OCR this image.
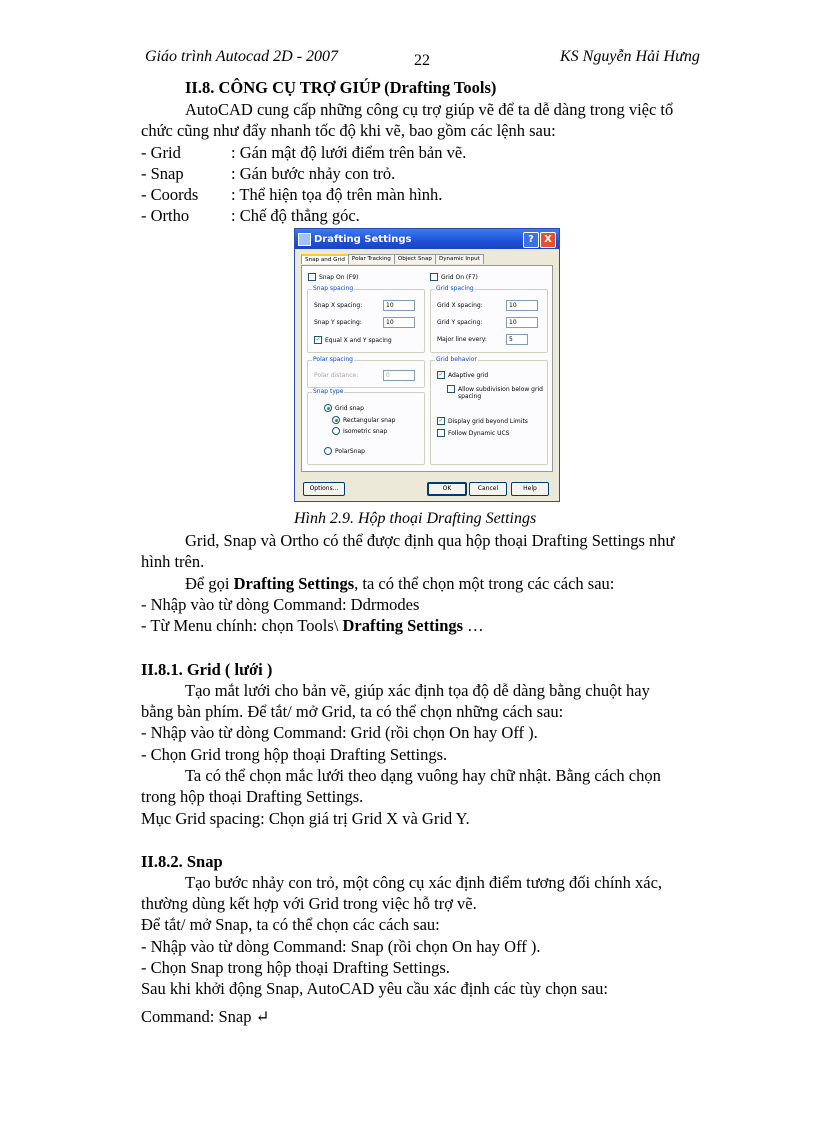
Giáo trình Autocad 2D - 2007	22	KS Nguyễn Hải Hưng
II.8. CÔNG CỤ TRỢ GIÚP (Drafting Tools)
AutoCAD cung cấp những công cụ trợ giúp vẽ để ta dễ dàng trong việc tổ
chức cũng như đẩy nhanh tốc độ khi vẽ, bao gồm các lệnh sau:
- Grid	: Gán mật độ lưới điểm trên bản vẽ.
- Snap	: Gán bước nhảy con trỏ.
- Coords : Thể hiện tọa độ trên màn hình.
- Ortho	: Chế độ thẳng góc.
Drafting Settings	?	X
Snap and Grid	Polar Tracking	Object Snap	Dynamic Input
Snap On (F9)	Grid On (F7)
Snap spacing
Snap X spacing:	10
Snap Y spacing:	10
✓ Equal X and Y spacing
Grid spacing
Grid X spacing:	10
Grid Y spacing:	10
Major line every:	5
Polar spacing
Polar distance:	0
Grid behavior
✓ Adaptive grid
Allow subdivision below grid
spacing
✓ Display grid beyond Limits
Follow Dynamic UCS
Snap type
Grid snap
Rectangular snap
Isometric snap
PolarSnap
Options...	OK	Cancel	Help
Hình 2.9. Hộp thoại Drafting Settings
Grid, Snap và Ortho có thể được định qua hộp thoại Drafting Settings như
hình trên.
Để gọi Drafting Settings, ta có thể chọn một trong các cách sau:
- Nhập vào từ dòng Command: Ddrmodes
- Từ Menu chính: chọn Tools\ Drafting Settings …
II.8.1. Grid ( lưới )
Tạo mắt lưới cho bản vẽ, giúp xác định tọa độ dễ dàng bằng chuột hay
bằng bàn phím. Để tắt/ mở Grid, ta có thể chọn những cách sau:
- Nhập vào từ dòng Command: Grid (rồi chọn On hay Off ).
- Chọn Grid trong hộp thoại Drafting Settings.
Ta có thể chọn mắc lưới theo dạng vuông hay chữ nhật. Bằng cách chọn
trong hộp thoại Drafting Settings.
Mục Grid spacing: Chọn giá trị Grid X và Grid Y.
II.8.2. Snap
Tạo bước nhảy con trỏ, một công cụ xác định điểm tương đối chính xác,
thường dùng kết hợp với Grid trong việc hỗ trợ vẽ.
Để tắt/ mở Snap, ta có thể chọn các cách sau:
- Nhập vào từ dòng Command: Snap (rồi chọn On hay Off ).
- Chọn Snap trong hộp thoại Drafting Settings.
Sau khi khởi động Snap, AutoCAD yêu cầu xác định các tùy chọn sau:
Command: Snap ↵
